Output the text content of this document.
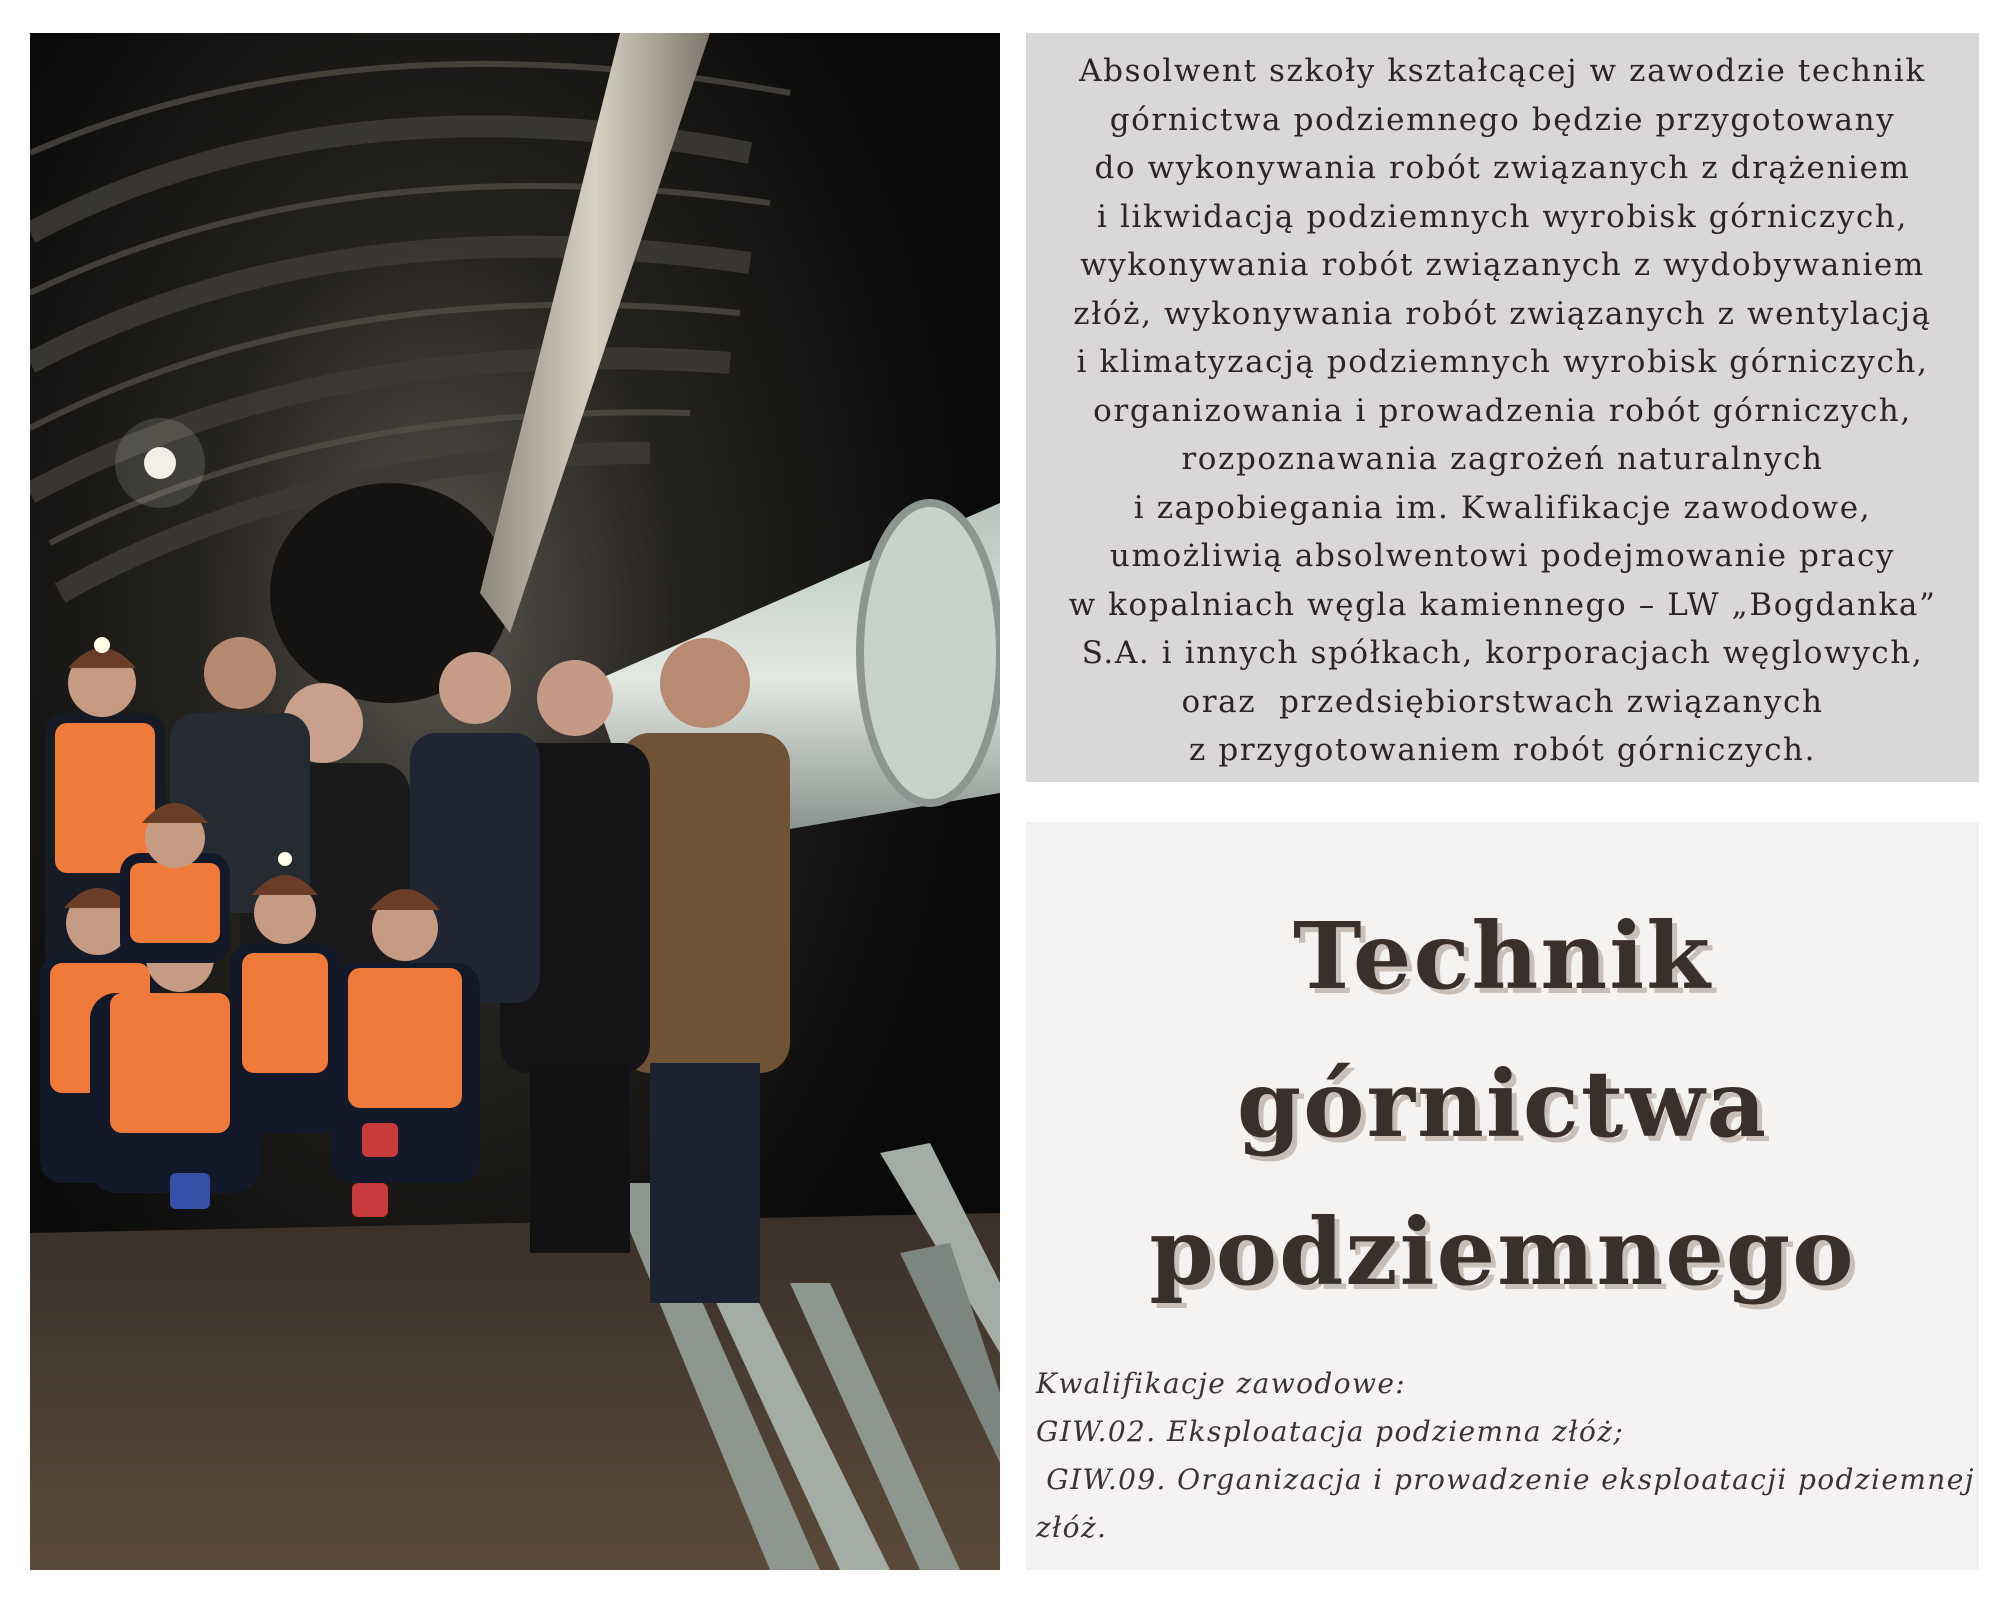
Absolwent szkoły kształcącej w zawodzie technik
górnictwa podziemnego będzie przygotowany
do wykonywania robót związanych z drążeniem
i likwidacją podziemnych wyrobisk górniczych,
wykonywania robót związanych z wydobywaniem
złóż, wykonywania robót związanych z wentylacją
i klimatyzacją podziemnych wyrobisk górniczych,
organizowania i prowadzenia robót górniczych,
rozpoznawania zagrożeń naturalnych
i zapobiegania im. Kwalifikacje zawodowe,
umożliwią absolwentowi podejmowanie pracy
w kopalniach węgla kamiennego – LW „Bogdanka”
S.A. i innych spółkach, korporacjach węglowych,
oraz  przedsiębiorstwach związanych
z przygotowaniem robót górniczych.
Technik
górnictwa
podziemnego
Kwalifikacje zawodowe:
GIW.02. Eksploatacja podziemna złóż;
GIW.09. Organizacja i prowadzenie eksploatacji podziemnej
złóż.
